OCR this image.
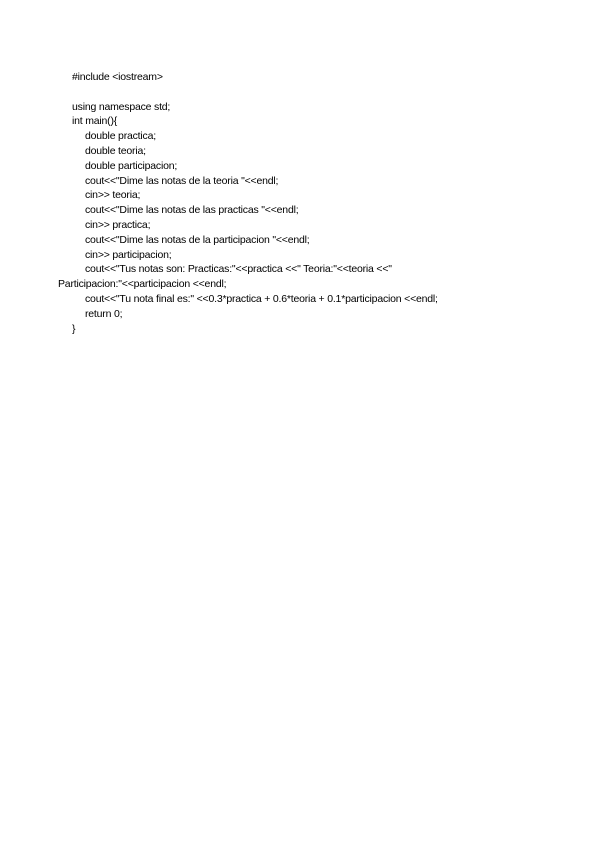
#include <iostream>
using namespace std;
int main(){
double practica;
double teoria;
double participacion;
cout<<"Dime las notas de la teoria "<<endl;
cin>> teoria;
cout<<"Dime las notas de las practicas "<<endl;
cin>> practica;
cout<<"Dime las notas de la participacion "<<endl;
cin>> participacion;
cout<<"Tus notas son: Practicas:"<<practica <<" Teoria:"<<teoria <<"
Participacion:"<<participacion <<endl;
cout<<"Tu nota final es:" <<0.3*practica + 0.6*teoria + 0.1*participacion <<endl;
return 0;
}
